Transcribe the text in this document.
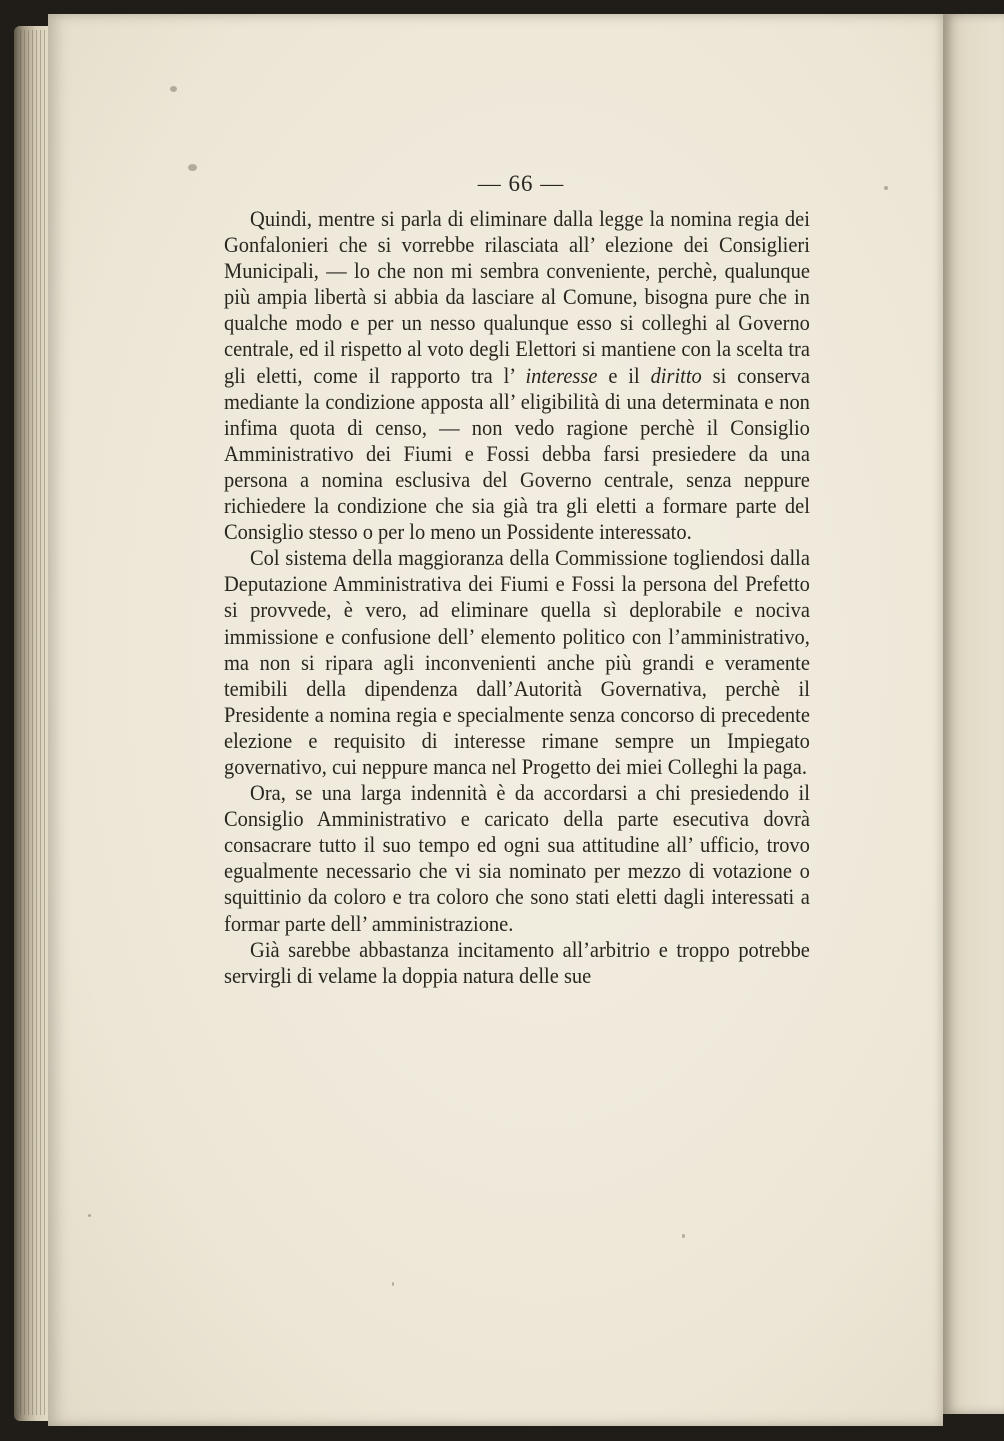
— 66 —

Quindi, mentre si parla di eliminare dalla legge la nomina regia dei Gonfalonieri che si vorrebbe rilasciata all’ elezione dei Consiglieri Municipali, — lo che non mi sembra conveniente, perchè, qualunque più ampia libertà si abbia da lasciare al Comune, bisogna pure che in qualche modo e per un nesso qualunque esso si colleghi al Governo centrale, ed il rispetto al voto degli Elettori si mantiene con la scelta tra gli eletti, come il rapporto tra l’ interesse e il diritto si conserva mediante la condizione apposta all’ eligibilità di una determinata e non infima quota di censo, — non vedo ragione perchè il Consiglio Amministrativo dei Fiumi e Fossi debba farsi presiedere da una persona a nomina esclusiva del Governo centrale, senza neppure richiedere la condizione che sia già tra gli eletti a formare parte del Consiglio stesso o per lo meno un Possidente interessato.

Col sistema della maggioranza della Commissione togliendosi dalla Deputazione Amministrativa dei Fiumi e Fossi la persona del Prefetto si provvede, è vero, ad eliminare quella sì deplorabile e nociva immissione e confusione dell’ elemento politico con l’amministrativo, ma non si ripara agli inconvenienti anche più grandi e veramente temibili della dipendenza dall’Autorità Governativa, perchè il Presidente a nomina regia e specialmente senza concorso di precedente elezione e requisito di interesse rimane sempre un Impiegato governativo, cui neppure manca nel Progetto dei miei Colleghi la paga.

Ora, se una larga indennità è da accordarsi a chi presiedendo il Consiglio Amministrativo e caricato della parte esecutiva dovrà consacrare tutto il suo tempo ed ogni sua attitudine all’ ufficio, trovo egualmente necessario che vi sia nominato per mezzo di votazione o squittinio da coloro e tra coloro che sono stati eletti dagli interessati a formar parte dell’ amministrazione.

Già sarebbe abbastanza incitamento all’arbitrio e troppo potrebbe servirgli di velame la doppia natura delle sue
